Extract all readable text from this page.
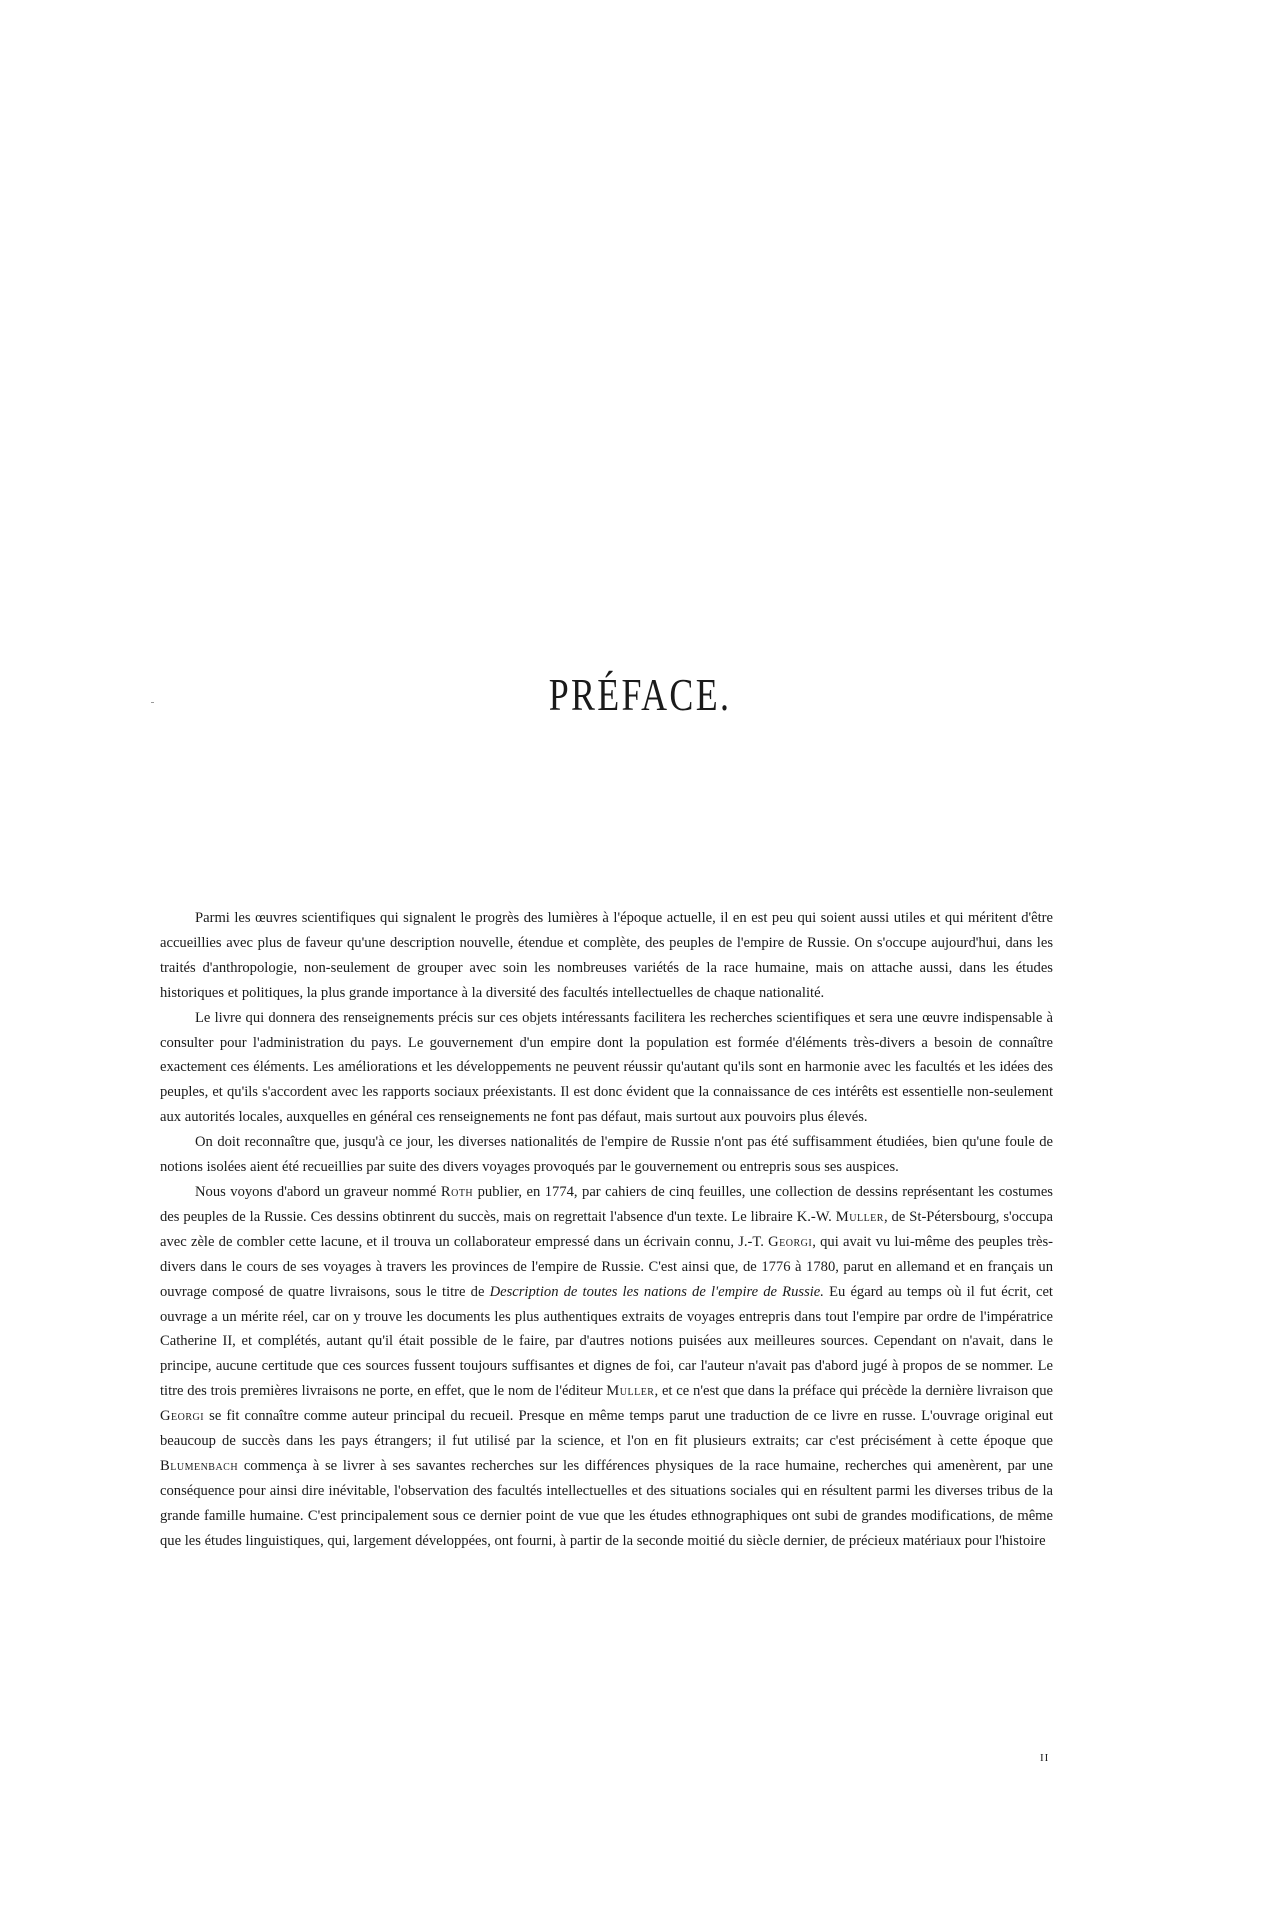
PRÉFACE.

Parmi les œuvres scientifiques qui signalent le progrès des lumières à l'époque actuelle, il en est peu qui soient aussi utiles et qui méritent d'être accueillies avec plus de faveur qu'une description nouvelle, étendue et complète, des peuples de l'empire de Russie. On s'occupe aujourd'hui, dans les traités d'anthropologie, non-seulement de grouper avec soin les nombreuses variétés de la race humaine, mais on attache aussi, dans les études historiques et politiques, la plus grande importance à la diversité des facultés intellectuelles de chaque nationalité.

Le livre qui donnera des renseignements précis sur ces objets intéressants facilitera les recherches scientifiques et sera une œuvre indispensable à consulter pour l'administration du pays. Le gouvernement d'un empire dont la population est formée d'éléments très-divers a besoin de connaître exactement ces éléments. Les améliorations et les développements ne peuvent réussir qu'autant qu'ils sont en harmonie avec les facultés et les idées des peuples, et qu'ils s'accordent avec les rapports sociaux préexistants. Il est donc évident que la connaissance de ces intérêts est essentielle non-seulement aux autorités locales, auxquelles en général ces renseignements ne font pas défaut, mais surtout aux pouvoirs plus élevés.

On doit reconnaître que, jusqu'à ce jour, les diverses nationalités de l'empire de Russie n'ont pas été suffisamment étudiées, bien qu'une foule de notions isolées aient été recueillies par suite des divers voyages provoqués par le gouvernement ou entrepris sous ses auspices.

Nous voyons d'abord un graveur nommé Roth publier, en 1774, par cahiers de cinq feuilles, une collection de dessins représentant les costumes des peuples de la Russie. Ces dessins obtinrent du succès, mais on regrettait l'absence d'un texte. Le libraire K.-W. Muller, de St-Pétersbourg, s'occupa avec zèle de combler cette lacune, et il trouva un collaborateur empressé dans un écrivain connu, J.-T. Georgi, qui avait vu lui-même des peuples très-divers dans le cours de ses voyages à travers les provinces de l'empire de Russie. C'est ainsi que, de 1776 à 1780, parut en allemand et en français un ouvrage composé de quatre livraisons, sous le titre de Description de toutes les nations de l'empire de Russie. Eu égard au temps où il fut écrit, cet ouvrage a un mérite réel, car on y trouve les documents les plus authentiques extraits de voyages entrepris dans tout l'empire par ordre de l'impératrice Catherine II, et complétés, autant qu'il était possible de le faire, par d'autres notions puisées aux meilleures sources. Cependant on n'avait, dans le principe, aucune certitude que ces sources fussent toujours suffisantes et dignes de foi, car l'auteur n'avait pas d'abord jugé à propos de se nommer. Le titre des trois premières livraisons ne porte, en effet, que le nom de l'éditeur Muller, et ce n'est que dans la préface qui précède la dernière livraison que Georgi se fit connaître comme auteur principal du recueil. Presque en même temps parut une traduction de ce livre en russe. L'ouvrage original eut beaucoup de succès dans les pays étrangers; il fut utilisé par la science, et l'on en fit plusieurs extraits; car c'est précisément à cette époque que Blumenbach commença à se livrer à ses savantes recherches sur les différences physiques de la race humaine, recherches qui amenèrent, par une conséquence pour ainsi dire inévitable, l'observation des facultés intellectuelles et des situations sociales qui en résultent parmi les diverses tribus de la grande famille humaine. C'est principalement sous ce dernier point de vue que les études ethnographiques ont subi de grandes modifications, de même que les études linguistiques, qui, largement développées, ont fourni, à partir de la seconde moitié du siècle dernier, de précieux matériaux pour l'histoire

II
